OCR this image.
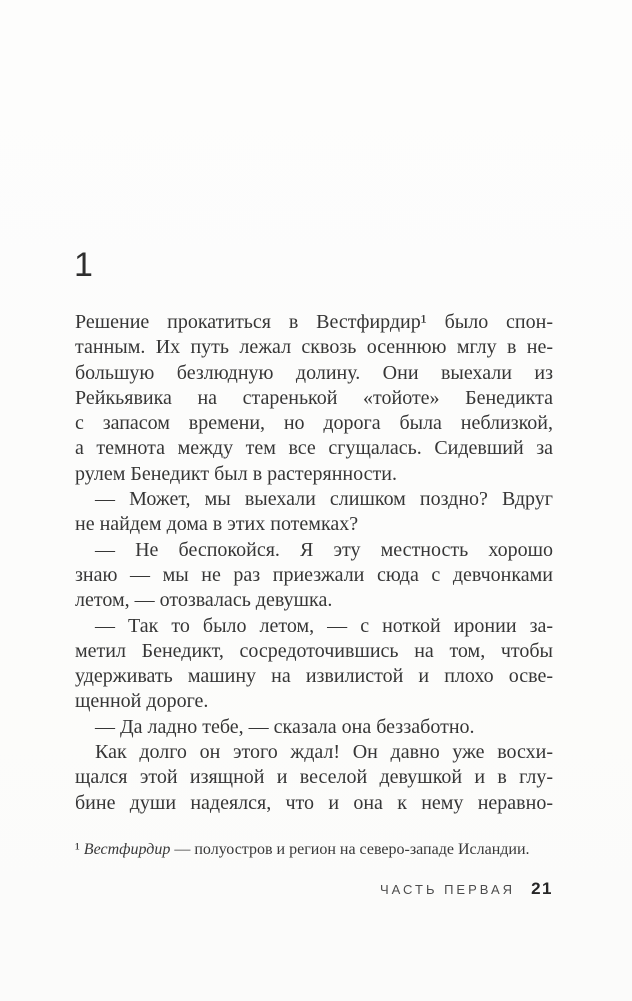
1
Решение прокатиться в Вестфирдир¹ было спон-
танным. Их путь лежал сквозь осеннюю мглу в не-
большую безлюдную долину. Они выехали из
Рейкьявика на старенькой «тойоте» Бенедикта
с запасом времени, но дорога была неблизкой,
а темнота между тем все сгущалась. Сидевший за
рулем Бенедикт был в растерянности.
— Может, мы выехали слишком поздно? Вдруг
не найдем дома в этих потемках?
— Не беспокойся. Я эту местность хорошо
знаю — мы не раз приезжали сюда с девчонками
летом, — отозвалась девушка.
— Так то было летом, — с ноткой иронии за-
метил Бенедикт, сосредоточившись на том, чтобы
удерживать машину на извилистой и плохо осве-
щенной дороге.
— Да ладно тебе, — сказала она беззаботно.
Как долго он этого ждал! Он давно уже восхи-
щался этой изящной и веселой девушкой и в глу-
бине души надеялся, что и она к нему неравно-
¹ Вестфирдир — полуостров и регион на северо-западе Исландии.
ЧАСТЬ ПЕРВАЯ 21
